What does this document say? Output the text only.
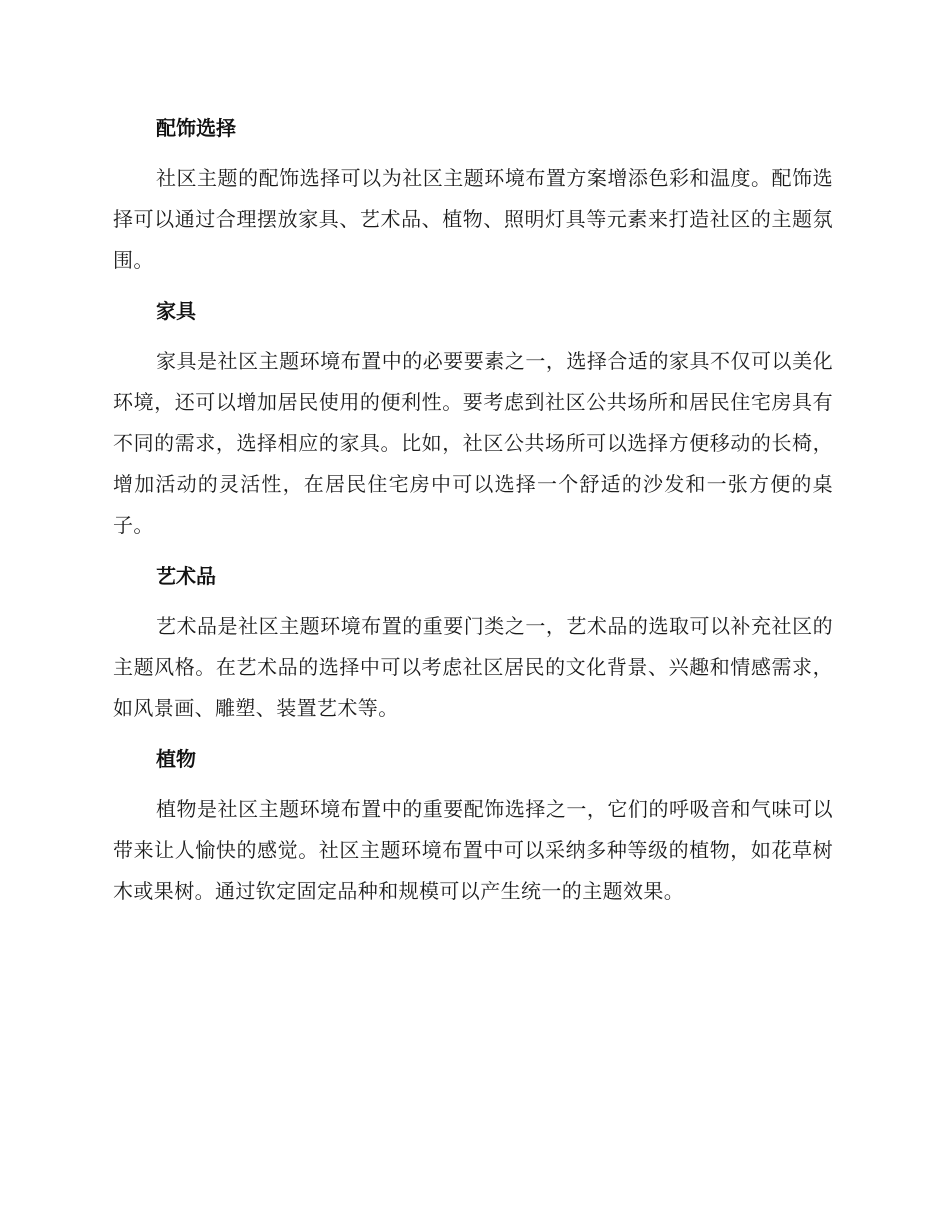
配饰选择

社区主题的配饰选择可以为社区主题环境布置方案增添色彩和温度。配饰选择可以通过合理摆放家具、艺术品、植物、照明灯具等元素来打造社区的主题氛围。

家具

家具是社区主题环境布置中的必要要素之一，选择合适的家具不仅可以美化环境，还可以增加居民使用的便利性。要考虑到社区公共场所和居民住宅房具有不同的需求，选择相应的家具。比如，社区公共场所可以选择方便移动的长椅，增加活动的灵活性，在居民住宅房中可以选择一个舒适的沙发和一张方便的桌子。

艺术品

艺术品是社区主题环境布置的重要门类之一，艺术品的选取可以补充社区的主题风格。在艺术品的选择中可以考虑社区居民的文化背景、兴趣和情感需求，如风景画、雕塑、装置艺术等。

植物

植物是社区主题环境布置中的重要配饰选择之一，它们的呼吸音和气味可以带来让人愉快的感觉。社区主题环境布置中可以采纳多种等级的植物，如花草树木或果树。通过钦定固定品种和规模可以产生统一的主题效果。
